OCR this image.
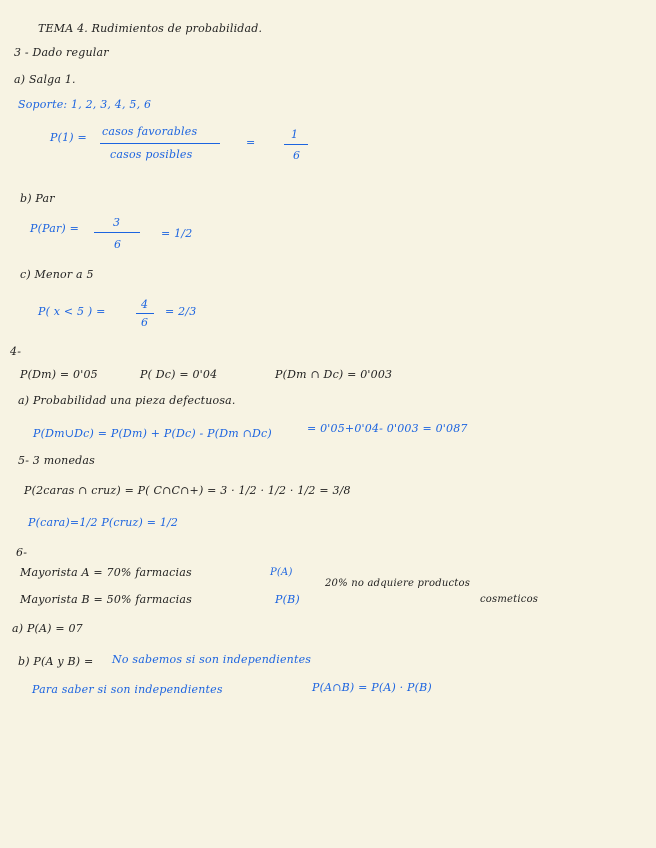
TEMA 4. Rudimientos de probabilidad.
3 - Dado regular
a) Salga 1.
Soporte: 1, 2, 3, 4, 5, 6
P(1) = casos favorables
casos posibles
=
1
6
b) Par
P(Par) =	3
6
= 1/2
c) Menor a 5
P( x < 5 ) =
4
6
= 2/3
4-
P(Dm) = 0'05	P( Dc) = 0'04	P(Dm ∩ Dc) = 0'003
a) Probabilidad una pieza defectuosa.
P(Dm∪Dc) = P(Dm) + P(Dc) - P(Dm ∩Dc)	= 0'05+0'04- 0'003 = 0'087
5- 3 monedas
P(2caras ∩ cruz) = P( C∩C∩+) = 3 · 1/2 · 1/2 · 1/2 = 3/8
P(cara)=1/2 P(cruz) = 1/2
6-
Mayorista A = 70% farmacias	P(A)
20% no adquiere productos
Mayorista B = 50% farmacias	P(B)	cosmeticos
a) P(A) = 07
b) P(A y B) = No sabemos si son independientes
Para saber si son independientes	P(A∩B) = P(A) · P(B)
